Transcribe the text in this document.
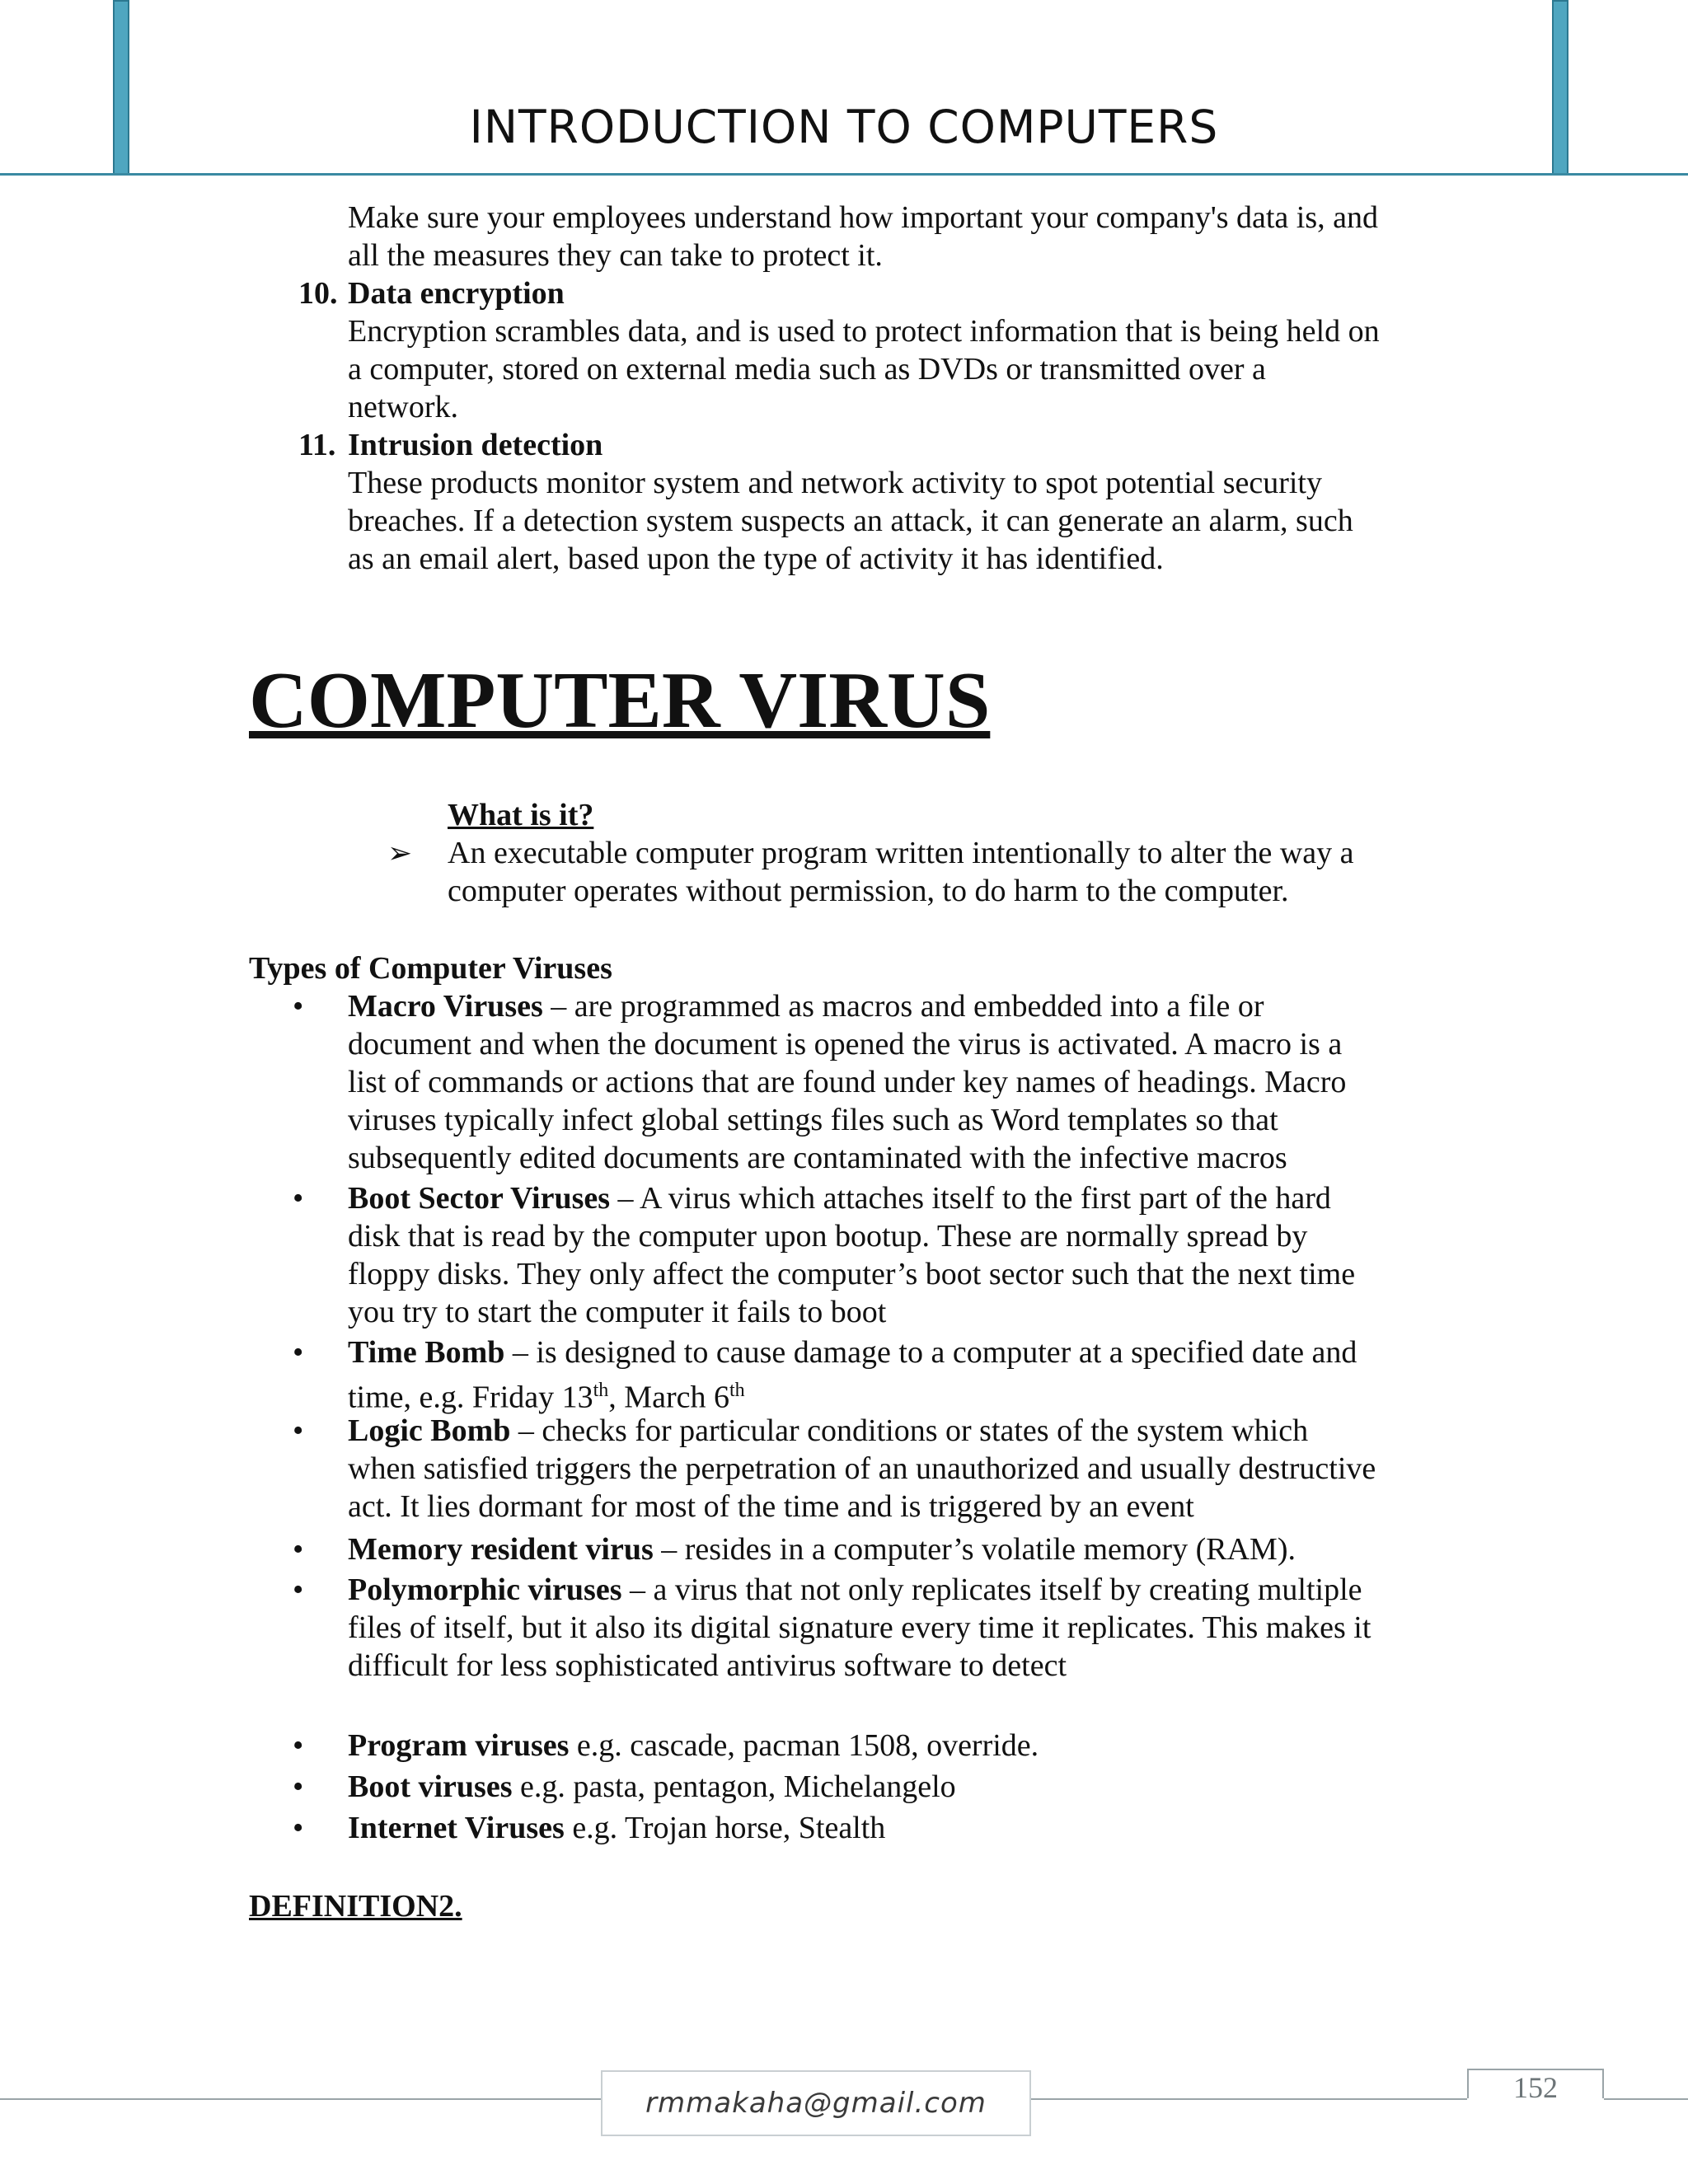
INTRODUCTION TO COMPUTERS
Make sure your employees understand how important your company's data is, and
all the measures they can take to protect it.
10. Data encryption
Encryption scrambles data, and is used to protect information that is being held on
a computer, stored on external media such as DVDs or transmitted over a
network.
11. Intrusion detection
These products monitor system and network activity to spot potential security
breaches. If a detection system suspects an attack, it can generate an alarm, such
as an email alert, based upon the type of activity it has identified.
COMPUTER VIRUS
What is it?
➢ An executable computer program written intentionally to alter the way a
computer operates without permission, to do harm to the computer.
Types of Computer Viruses
• Macro Viruses – are programmed as macros and embedded into a file or
document and when the document is opened the virus is activated. A macro is a
list of commands or actions that are found under key names of headings. Macro
viruses typically infect global settings files such as Word templates so that
subsequently edited documents are contaminated with the infective macros
• Boot Sector Viruses – A virus which attaches itself to the first part of the hard
disk that is read by the computer upon bootup. These are normally spread by
floppy disks. They only affect the computer’s boot sector such that the next time
you try to start the computer it fails to boot
• Time Bomb – is designed to cause damage to a computer at a specified date and
time, e.g. Friday 13th, March 6th
• Logic Bomb – checks for particular conditions or states of the system which
when satisfied triggers the perpetration of an unauthorized and usually destructive
act. It lies dormant for most of the time and is triggered by an event
• Memory resident virus – resides in a computer’s volatile memory (RAM).
• Polymorphic viruses – a virus that not only replicates itself by creating multiple
files of itself, but it also its digital signature every time it replicates. This makes it
difficult for less sophisticated antivirus software to detect
• Program viruses e.g. cascade, pacman 1508, override.
• Boot viruses e.g. pasta, pentagon, Michelangelo
• Internet Viruses e.g. Trojan horse, Stealth
DEFINITION2.
rmmakaha@gmail.com	152
